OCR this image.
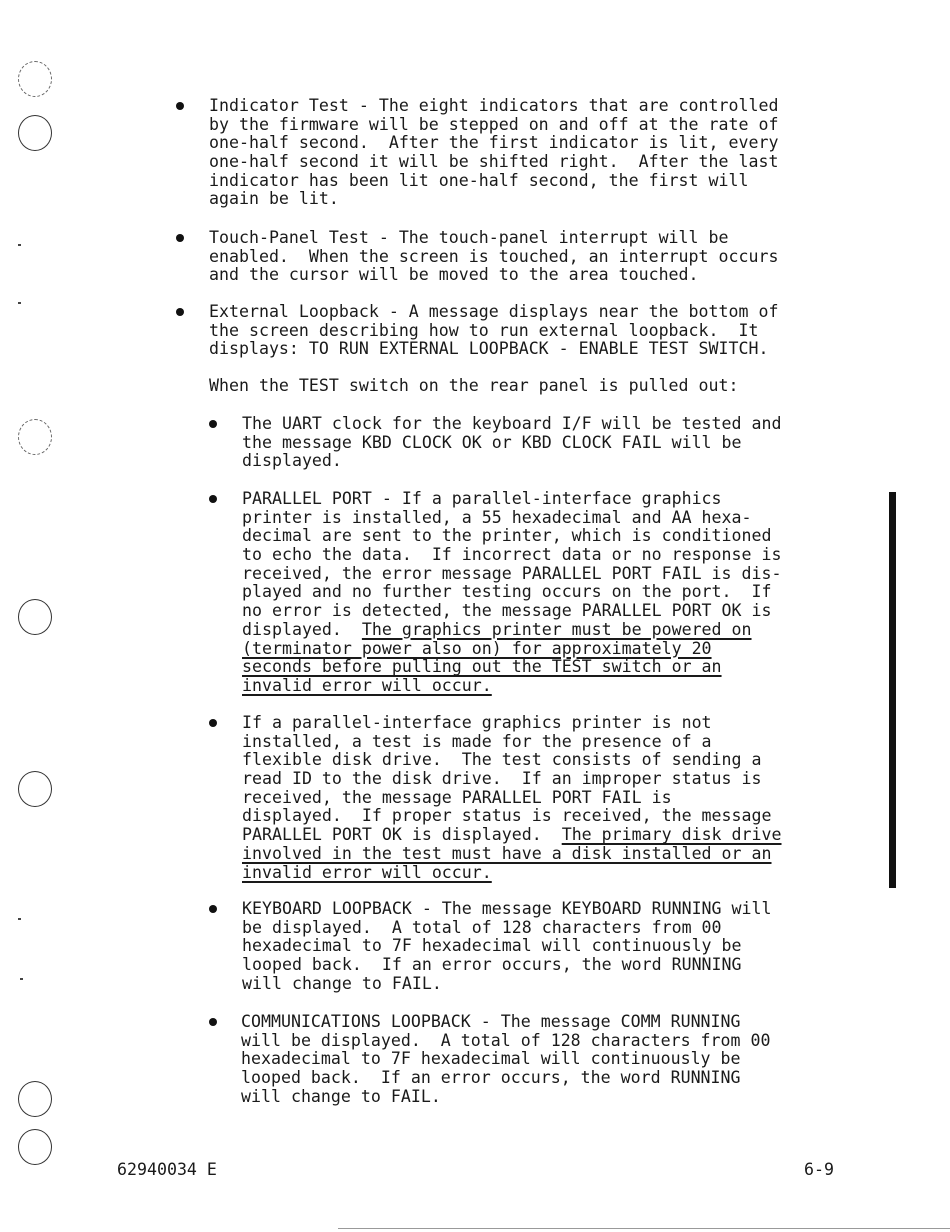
Indicator Test - The eight indicators that are controlled
by the firmware will be stepped on and off at the rate of
one-half second.  After the first indicator is lit, every
one-half second it will be shifted right.  After the last
indicator has been lit one-half second, the first will
again be lit.
Touch-Panel Test - The touch-panel interrupt will be
enabled.  When the screen is touched, an interrupt occurs
and the cursor will be moved to the area touched.
External Loopback - A message displays near the bottom of
the screen describing how to run external loopback.  It
displays: TO RUN EXTERNAL LOOPBACK - ENABLE TEST SWITCH.
When the TEST switch on the rear panel is pulled out:
The UART clock for the keyboard I/F will be tested and
the message KBD CLOCK OK or KBD CLOCK FAIL will be
displayed.
PARALLEL PORT - If a parallel-interface graphics
printer is installed, a 55 hexadecimal and AA hexa-
decimal are sent to the printer, which is conditioned
to echo the data.  If incorrect data or no response is
received, the error message PARALLEL PORT FAIL is dis-
played and no further testing occurs on the port.  If
no error is detected, the message PARALLEL PORT OK is
displayed.  The graphics printer must be powered on
(terminator power also on) for approximately 20
seconds before pulling out the TEST switch or an
invalid error will occur.
If a parallel-interface graphics printer is not
installed, a test is made for the presence of a
flexible disk drive.  The test consists of sending a
read ID to the disk drive.  If an improper status is
received, the message PARALLEL PORT FAIL is
displayed.  If proper status is received, the message
PARALLEL PORT OK is displayed.  The primary disk drive
involved in the test must have a disk installed or an
invalid error will occur.
KEYBOARD LOOPBACK - The message KEYBOARD RUNNING will
be displayed.  A total of 128 characters from 00
hexadecimal to 7F hexadecimal will continuously be
looped back.  If an error occurs, the word RUNNING
will change to FAIL.
COMMUNICATIONS LOOPBACK - The message COMM RUNNING
will be displayed.  A total of 128 characters from 00
hexadecimal to 7F hexadecimal will continuously be
looped back.  If an error occurs, the word RUNNING
will change to FAIL.
62940034 E	6-9
